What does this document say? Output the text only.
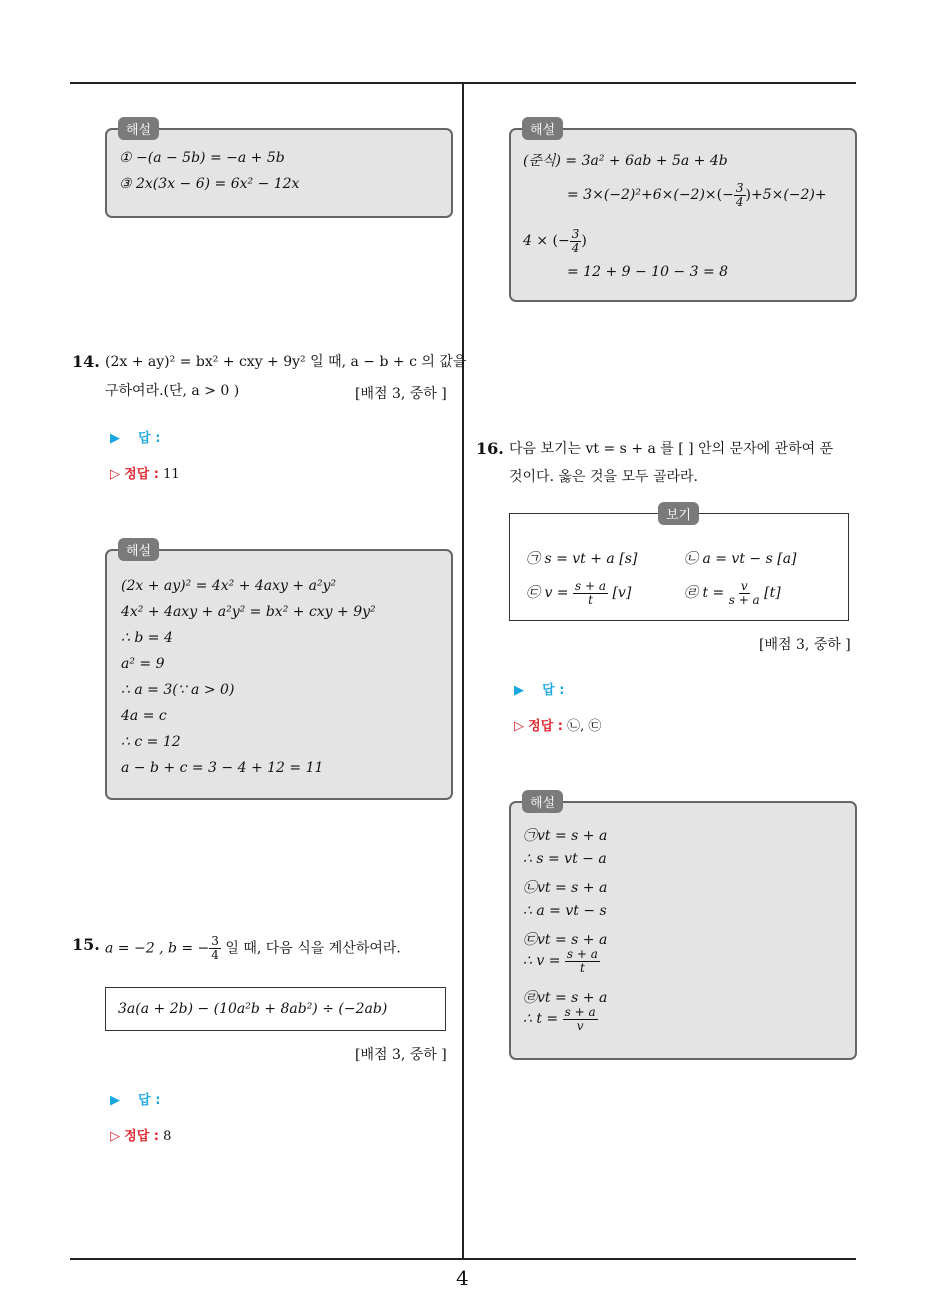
① −(a − 5b) = −a + 5b
③ 2x(3x − 6) = 6x² − 12x
해설
14. (2x + ay)² = bx² + cxy + 9y² 일 때, a − b + c 의 값을
구하여라.(단, a > 0 )	[배점 3, 중하 ]
▶ 답 :
▷ 정답 : 11
(2x + ay)² = 4x² + 4axy + a²y²
4x² + 4axy + a²y² = bx² + cxy + 9y²
∴ b = 4
a² = 9
∴ a = 3(∵ a > 0)
4a = c
∴ c = 12
a − b + c = 3 − 4 + 12 = 11
해설
15. a = −2 , b = − $\frac{3}{4}$ 일 때, 다음 식을 계산하여라.
3a(a + 2b) − (10a²b + 8ab²) ÷ (−2ab)
[배점 3, 중하 ]
▶ 답 :
▷ 정답 : 8
(준식) = 3a² + 6ab + 5a + 4b
= $3\times(-2)^2+6\times(-2)\times(- \frac{3}{4} )+5\times(-2)+$
4 × (− $\frac{3}{4}$ )
= 12 + 9 − 10 − 3 = 8
해설
16. 다음 보기는 vt = s + a 를 [ ] 안의 문자에 관하여 푼
것이다. 옳은 것을 모두 골라라.
㉠ s = vt + a [s]	㉡ a = vt − s [a]
㉢ $v = \frac{s + a}{t} [v]$	㉣ $t = \frac{v}{s + a} [t]$
보기
[배점 3, 중하 ]
▶ 답 :
▷ 정답 : ㉡, ㉢
㉠vt = s + a
∴ s = vt − a
㉡vt = s + a
∴ a = vt − s
㉢vt = s + a
∴ $v = \frac{s + a}{t}$
㉣vt = s + a
∴ $t = \frac{s + a}{v}$
해설
4
